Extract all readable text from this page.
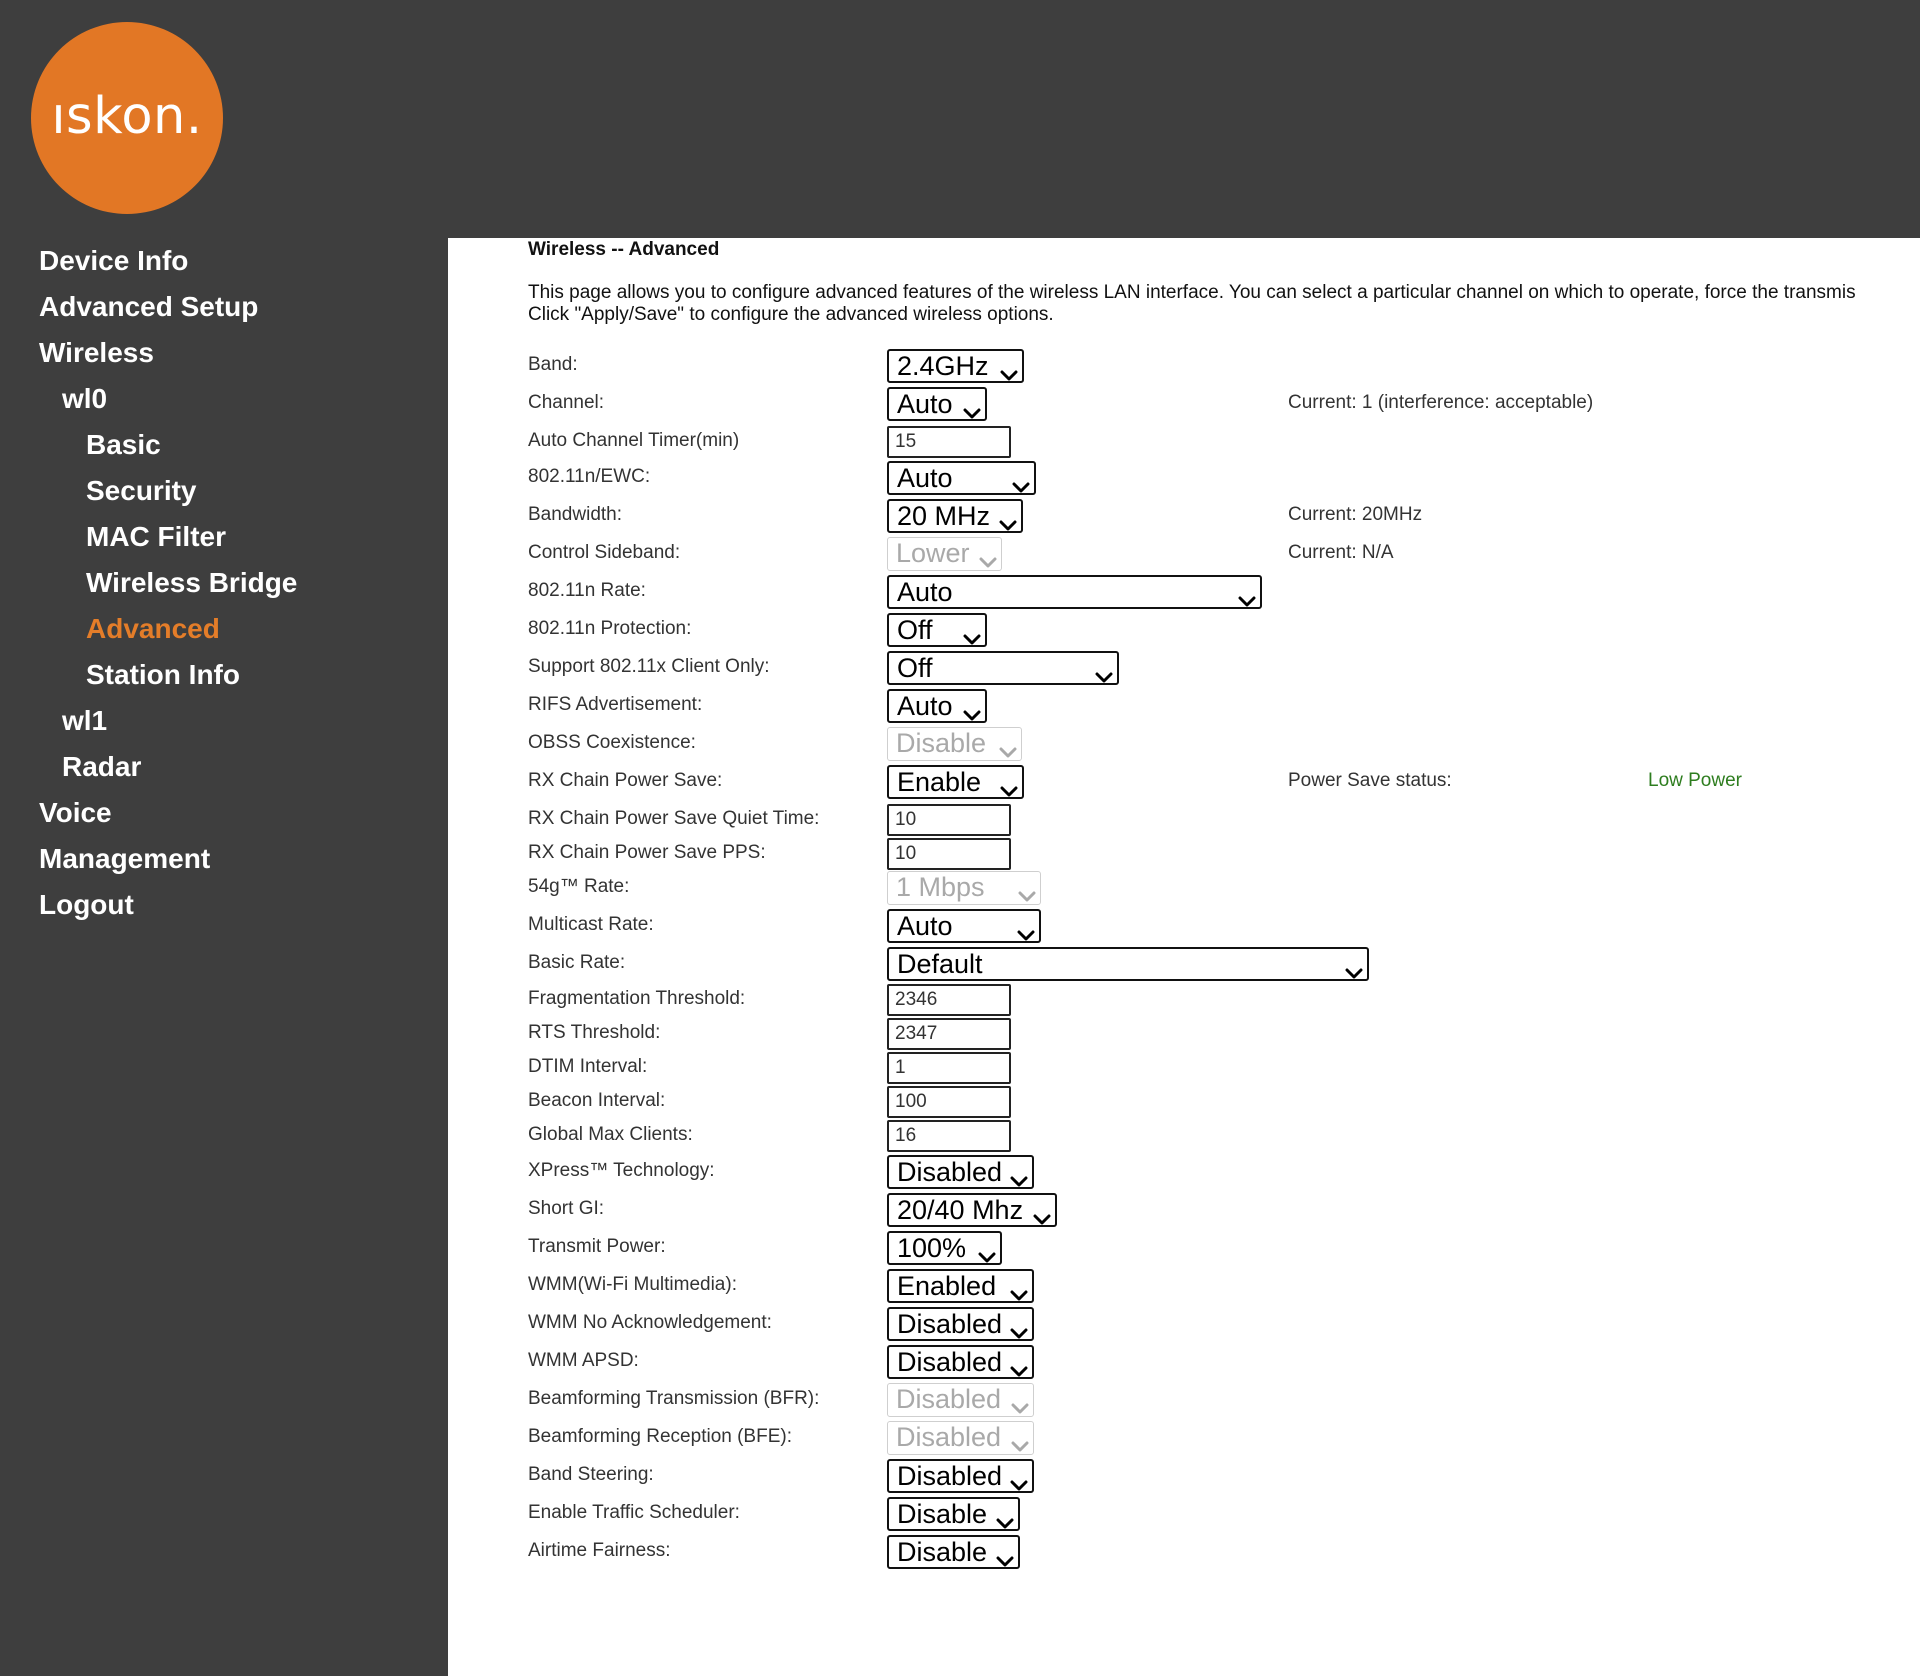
ıskon.
Device Info
Advanced Setup
Wireless
wl0
Basic
Security
MAC Filter
Wireless Bridge
Advanced
Station Info
wl1
Radar
Voice
Management
Logout
Wireless -- Advanced
This page allows you to configure advanced features of the wireless LAN interface. You can select a particular channel on which to operate, force the transmis
Click "Apply/Save" to configure the advanced wireless options.
Band:	2.4GHz
Channel:	Auto	Current: 1 (interference: acceptable)
Auto Channel Timer(min)
15
802.11n/EWC:	Auto
Bandwidth:	20 MHz	Current: 20MHz
Control Sideband:	Lower	Current: N/A
802.11n Rate:	Auto
802.11n Protection:	Off
Support 802.11x Client Only:	Off
RIFS Advertisement:	Auto
OBSS Coexistence:	Disable
RX Chain Power Save:	Enable	Power Save status:	Low Power
RX Chain Power Save Quiet Time:
10
RX Chain Power Save PPS:
10
54g™ Rate:	1 Mbps
Multicast Rate:	Auto
Basic Rate:	Default
Fragmentation Threshold:
2346
RTS Threshold:
2347
DTIM Interval:
1
Beacon Interval:
100
Global Max Clients:
16
XPress™ Technology:	Disabled
Short GI:	20/40 Mhz
Transmit Power:	100%
WMM(Wi-Fi Multimedia):	Enabled
WMM No Acknowledgement:	Disabled
WMM APSD:	Disabled
Beamforming Transmission (BFR):	Disabled
Beamforming Reception (BFE):	Disabled
Band Steering:	Disabled
Enable Traffic Scheduler:	Disable
Airtime Fairness:	Disable
